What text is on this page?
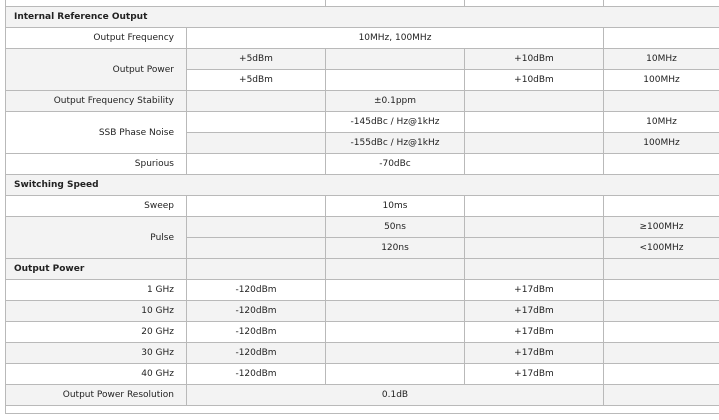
Internal Reference Output				
Output Frequency	10MHz, 100MHz			
Output Power	+5dBm		+10dBm	10MHz
	+5dBm		+10dBm	100MHz
Output Frequency Stability		±0.1ppm		
SSB Phase Noise		-145dBc / Hz@1kHz		10MHz
		-155dBc / Hz@1kHz		100MHz
Spurious		-70dBc		
Switching Speed				
Sweep		10ms		
Pulse		50ns		≥100MHz
		120ns		<100MHz
Output Power				
1 GHz	-120dBm		+17dBm	
10 GHz	-120dBm		+17dBm	
20 GHz	-120dBm		+17dBm	
30 GHz	-120dBm		+17dBm	
40 GHz	-120dBm		+17dBm	
Output Power Resolution	0.1dB			
